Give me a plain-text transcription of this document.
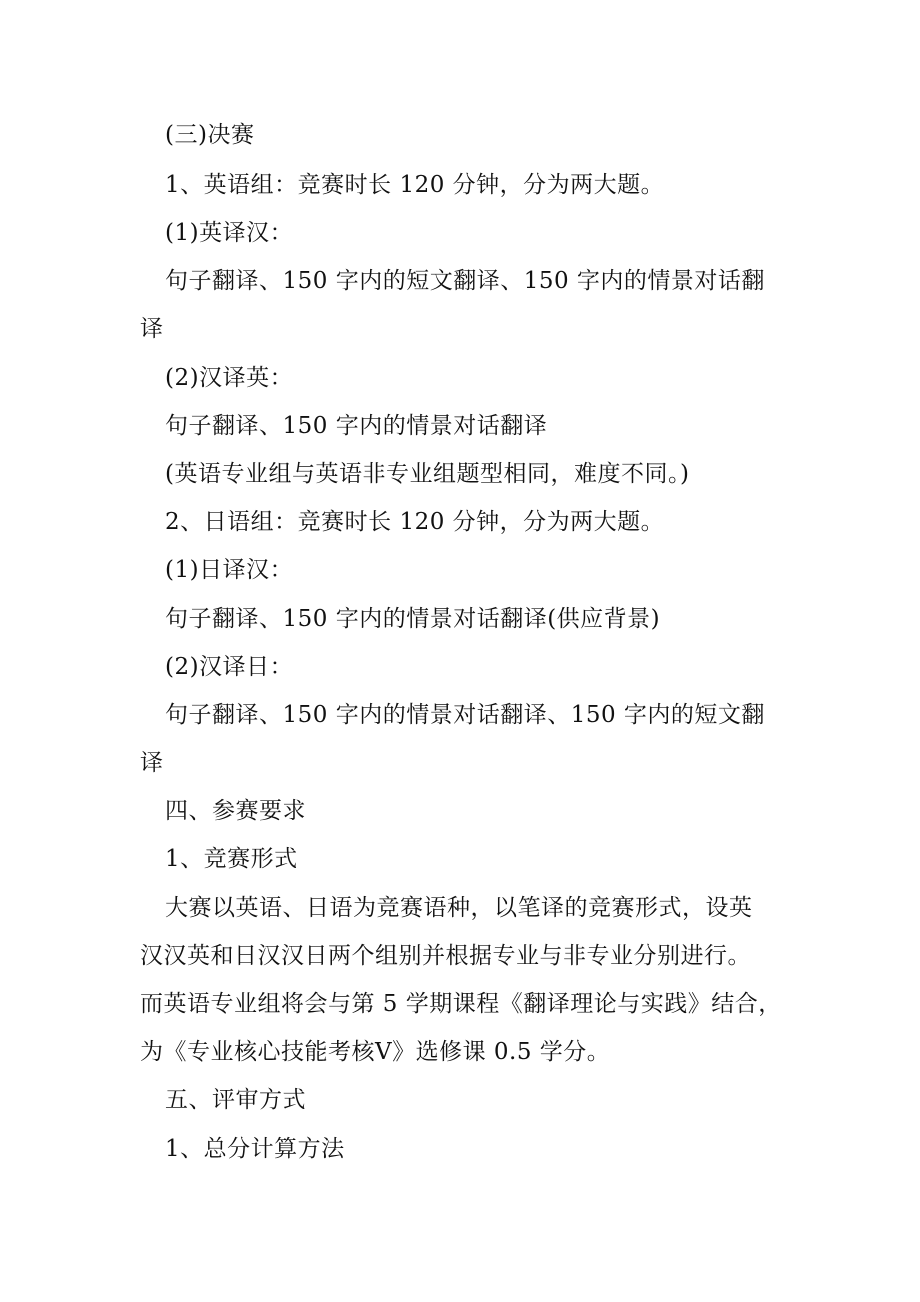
(三)决赛
1、英语组：竞赛时长 120 分钟，分为两大题。
(1)英译汉：
句子翻译、150 字内的短文翻译、150 字内的情景对话翻
译
(2)汉译英：
句子翻译、150 字内的情景对话翻译
(英语专业组与英语非专业组题型相同，难度不同。)
2、日语组：竞赛时长 120 分钟，分为两大题。
(1)日译汉：
句子翻译、150 字内的情景对话翻译(供应背景)
(2)汉译日：
句子翻译、150 字内的情景对话翻译、150 字内的短文翻
译
四、参赛要求
1、竞赛形式
大赛以英语、日语为竞赛语种，以笔译的竞赛形式，设英
汉汉英和日汉汉日两个组别并根据专业与非专业分别进行。
而英语专业组将会与第 5 学期课程《翻译理论与实践》结合，
为《专业核心技能考核Ⅴ》选修课 0.5 学分。
五、评审方式
1、总分计算方法
